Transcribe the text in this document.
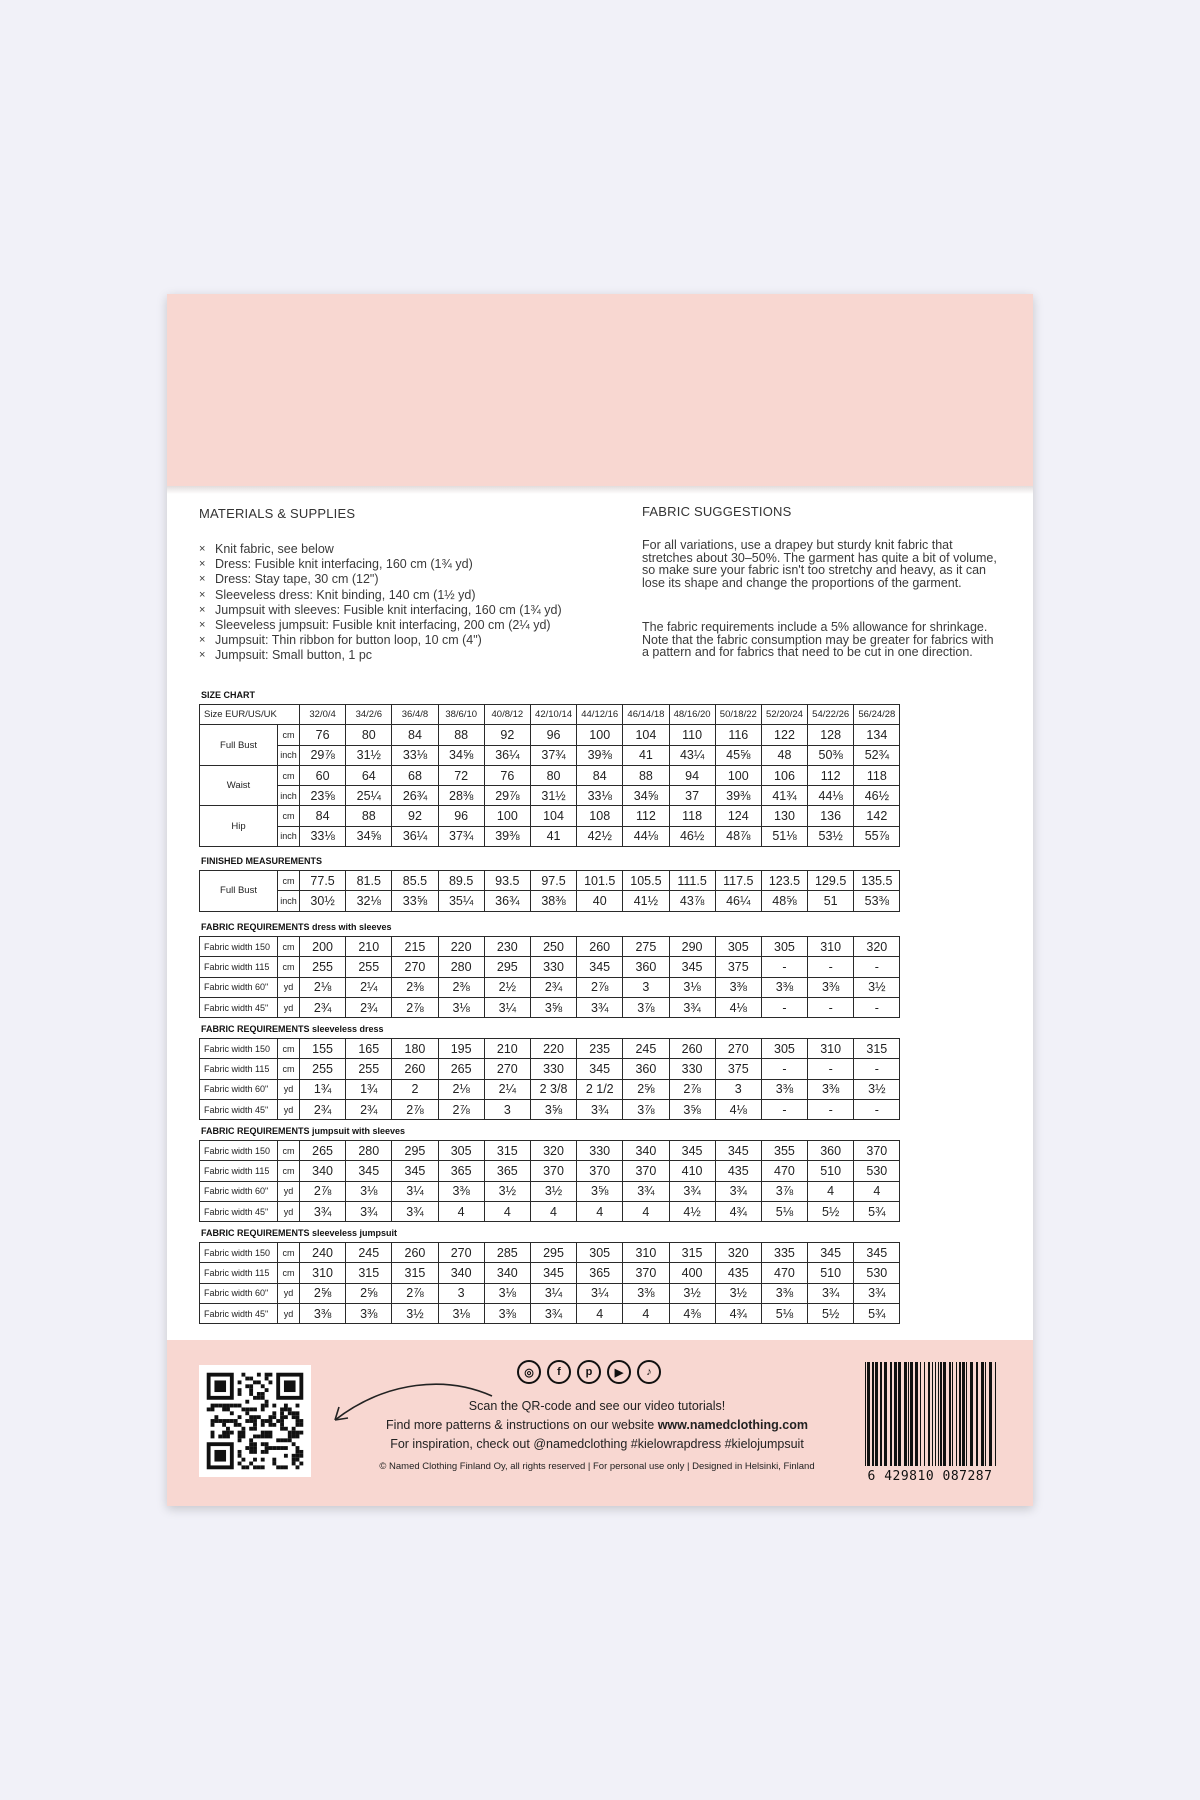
MATERIALS & SUPPLIES
× Knit fabric, see below
× Dress: Fusible knit interfacing, 160 cm (1¾ yd)
× Dress: Stay tape, 30 cm (12")
× Sleeveless dress: Knit binding, 140 cm (1½ yd)
× Jumpsuit with sleeves: Fusible knit interfacing, 160 cm (1¾ yd)
× Sleeveless jumpsuit: Fusible knit interfacing, 200 cm (2¼ yd)
× Jumpsuit: Thin ribbon for button loop, 10 cm (4")
× Jumpsuit: Small button, 1 pc
FABRIC SUGGESTIONS

For all variations, use a drapey but sturdy knit fabric that stretches about 30–50%. The garment has quite a bit of volume, so make sure your fabric isn't too stretchy and heavy, as it can lose its shape and change the proportions of the garment.

The fabric requirements include a 5% allowance for shrinkage. Note that the fabric consumption may be greater for fabrics with a pattern and for fabrics that need to be cut in one direction.

SIZE CHART
Size EUR/US/UK		32/0/4	34/2/6	36/4/8	38/6/10	40/8/12	42/10/14	44/12/16	46/14/18	48/16/20	50/18/22	52/20/24	54/22/26	56/24/28
Full Bust	cm	76	80	84	88	92	96	100	104	110	116	122	128	134
	inch	29⅞	31½	33⅛	34⅝	36¼	37¾	39⅜	41	43¼	45⅝	48	50⅜	52¾
Waist	cm	60	64	68	72	76	80	84	88	94	100	106	112	118
	inch	23⅝	25¼	26¾	28⅜	29⅞	31½	33⅛	34⅝	37	39⅜	41¾	44⅛	46½
Hip	cm	84	88	92	96	100	104	108	112	118	124	130	136	142
	inch	33⅛	34⅝	36¼	37¾	39⅜	41	42½	44⅛	46½	48⅞	51⅛	53½	55⅞
FINISHED MEASUREMENTS
Full Bust	cm	77.5	81.5	85.5	89.5	93.5	97.5	101.5	105.5	111.5	117.5	123.5	129.5	135.5
	inch	30½	32⅛	33⅝	35¼	36¾	38⅜	40	41½	43⅞	46¼	48⅝	51	53⅜
FABRIC REQUIREMENTS dress with sleeves
Fabric width 150	cm	200	210	215	220	230	250	260	275	290	305	305	310	320
Fabric width 115	cm	255	255	270	280	295	330	345	360	345	375	-	-	-
Fabric width 60"	yd	2⅛	2¼	2⅜	2⅜	2½	2¾	2⅞	3	3⅛	3⅜	3⅜	3⅜	3½
Fabric width 45"	yd	2¾	2¾	2⅞	3⅛	3¼	3⅝	3¾	3⅞	3¾	4⅛	-	-	-
FABRIC REQUIREMENTS sleeveless dress
Fabric width 150	cm	155	165	180	195	210	220	235	245	260	270	305	310	315
Fabric width 115	cm	255	255	260	265	270	330	345	360	330	375	-	-	-
Fabric width 60"	yd	1¾	1¾	2	2⅛	2¼	2 3/8	2 1/2	2⅝	2⅞	3	3⅜	3⅜	3½
Fabric width 45"	yd	2¾	2¾	2⅞	2⅞	3	3⅝	3¾	3⅞	3⅝	4⅛	-	-	-
FABRIC REQUIREMENTS jumpsuit with sleeves
Fabric width 150	cm	265	280	295	305	315	320	330	340	345	345	355	360	370
Fabric width 115	cm	340	345	345	365	365	370	370	370	410	435	470	510	530
Fabric width 60"	yd	2⅞	3⅛	3¼	3⅜	3½	3½	3⅝	3¾	3¾	3¾	3⅞	4	4
Fabric width 45"	yd	3¾	3¾	3¾	4	4	4	4	4	4½	4¾	5⅛	5½	5¾
FABRIC REQUIREMENTS sleeveless jumpsuit
Fabric width 150	cm	240	245	260	270	285	295	305	310	315	320	335	345	345
Fabric width 115	cm	310	315	315	340	340	345	365	370	400	435	470	510	530
Fabric width 60"	yd	2⅝	2⅝	2⅞	3	3⅛	3¼	3¼	3⅜	3½	3½	3⅜	3¾	3¾
Fabric width 45"	yd	3⅜	3⅜	3½	3⅛	3⅜	3¾	4	4	4⅜	4¾	5⅛	5½	5¾
◎	f	p	▶	♪
Scan the QR-code and see our video tutorials!
Find more patterns & instructions on our website www.namedclothing.com
For inspiration, check out @namedclothing #kielowrapdress #kielojumpsuit
© Named Clothing Finland Oy, all rights reserved | For personal use only | Designed in Helsinki, Finland
6 429810 087287
